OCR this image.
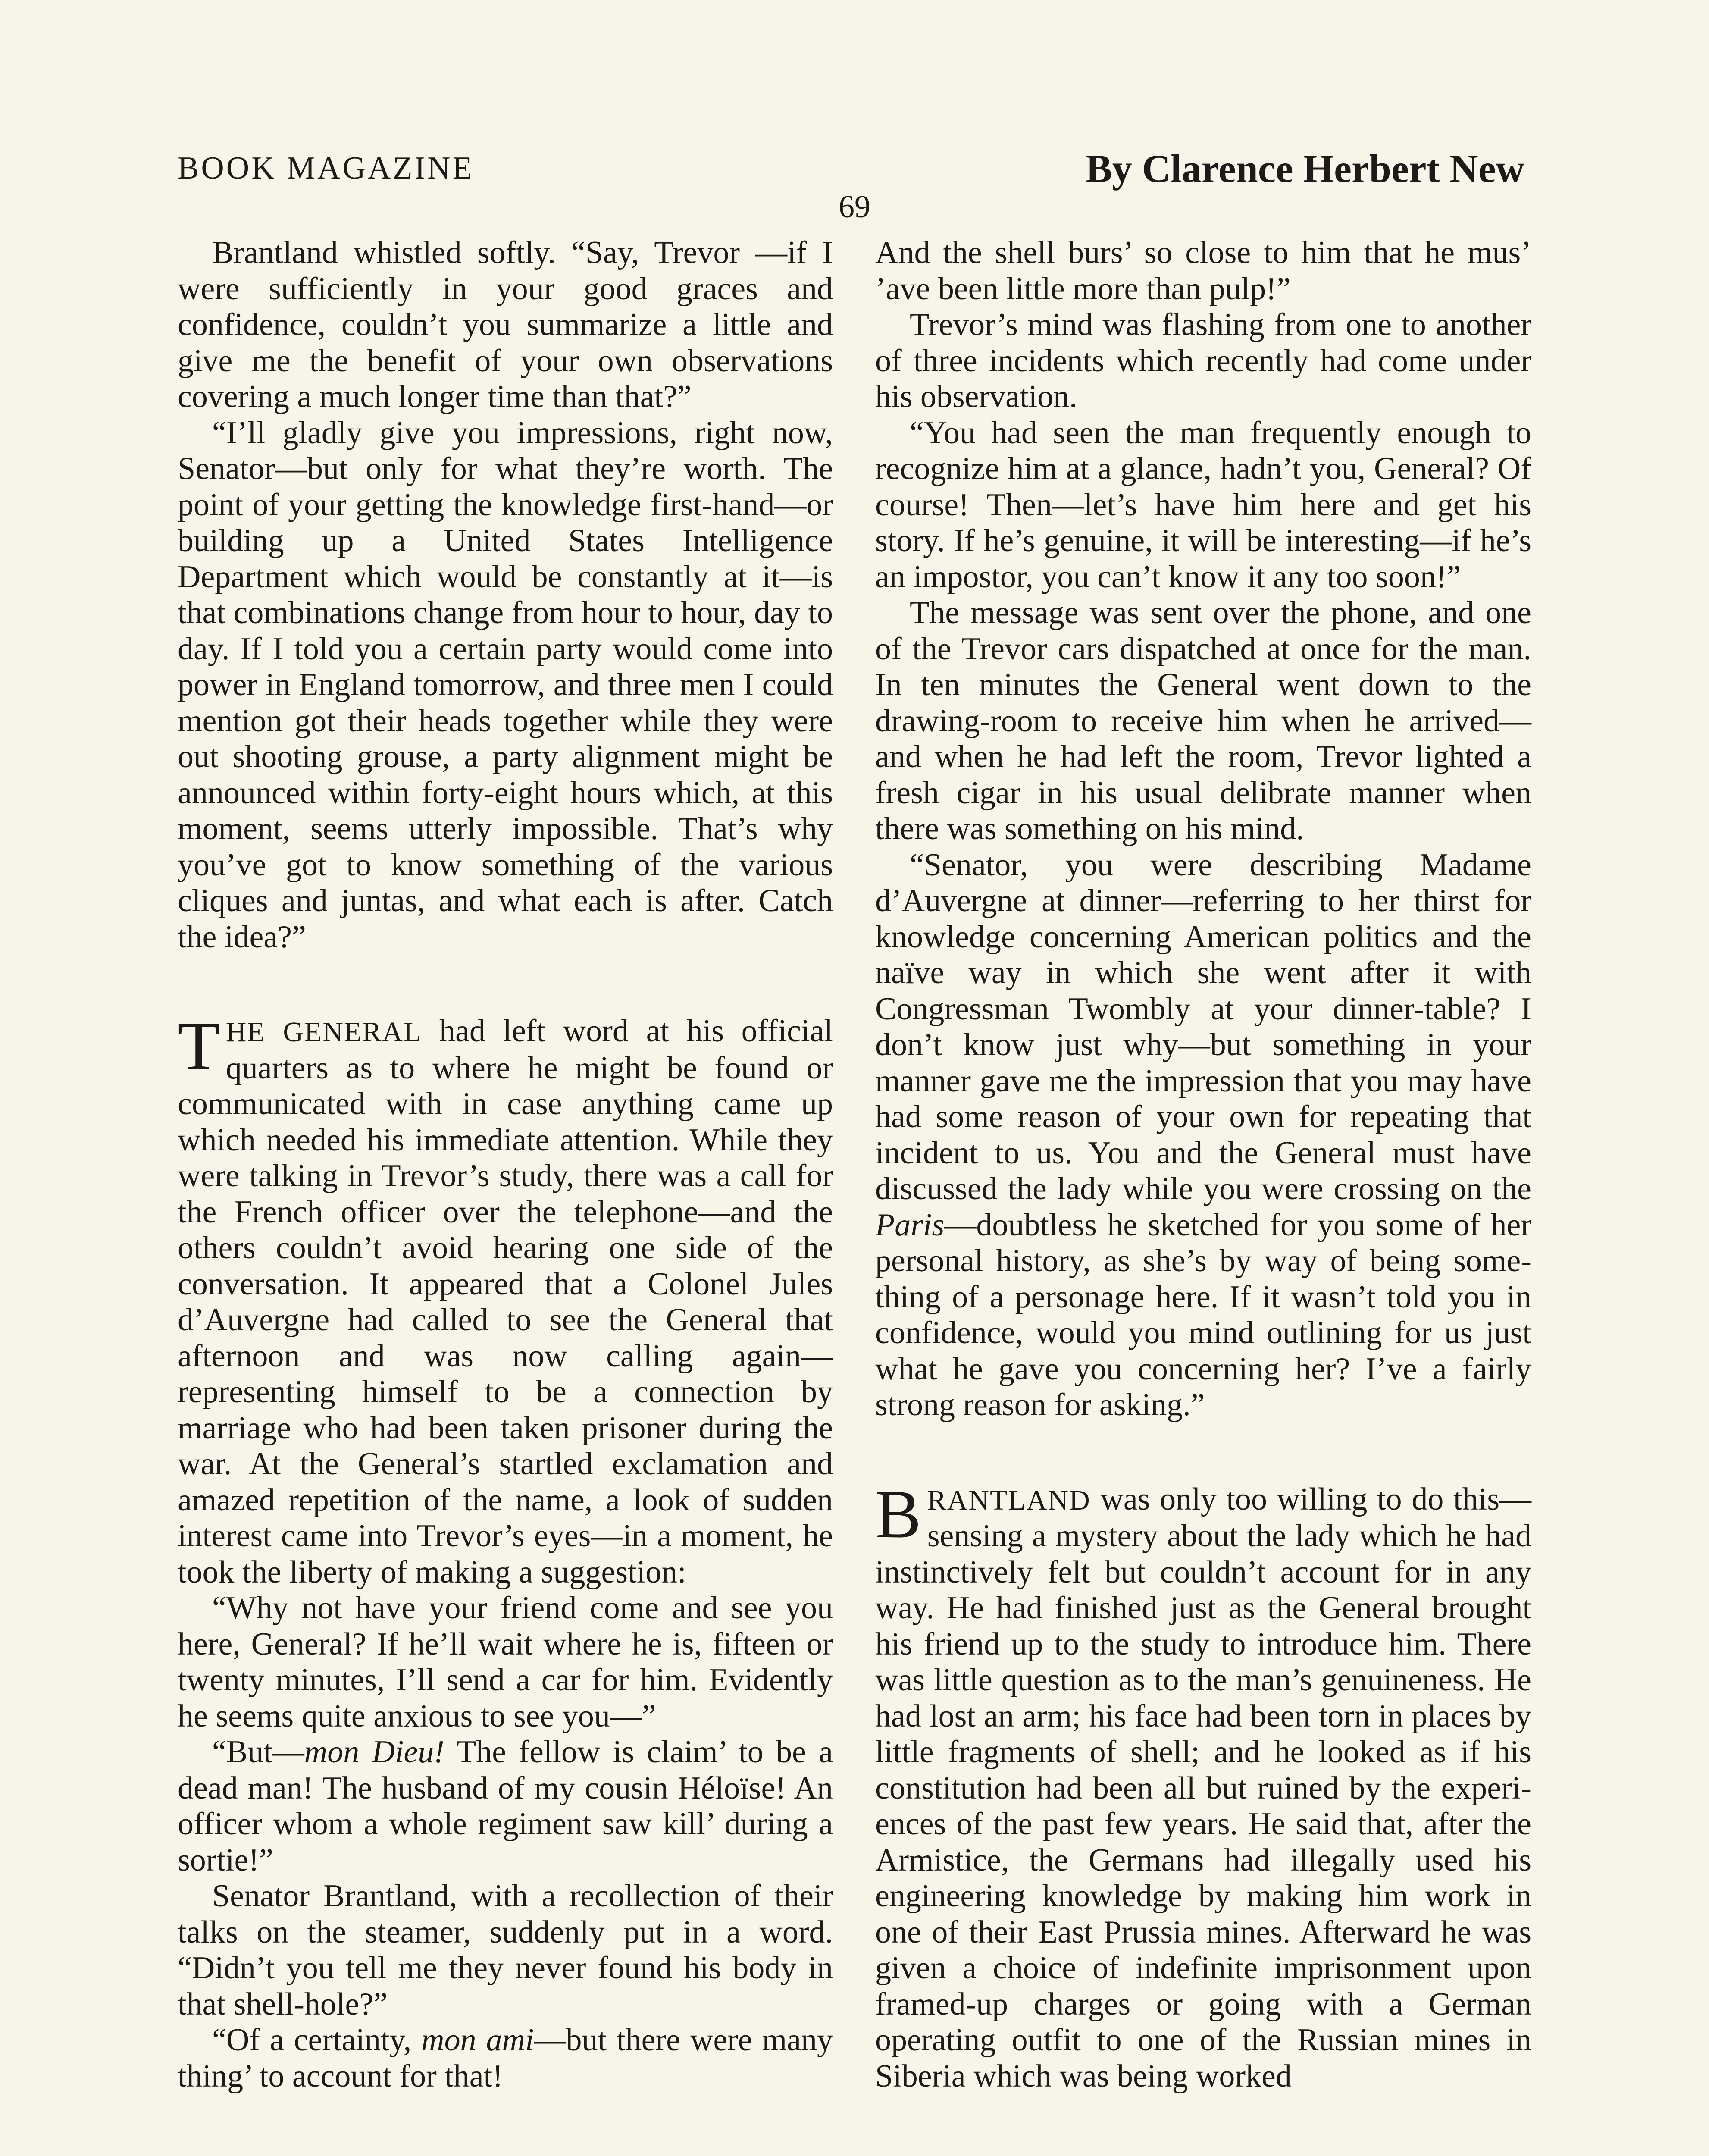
BOOK MAGAZINE	By Clarence Herbert New
69

Brantland whistled softly. “Say, Trevor —if I were sufficiently in your good graces and confidence, couldn’t you summarize a little and give me the benefit of your own observations covering a much longer time than that?”

“I’ll gladly give you impressions, right now, Senator—but only for what they’re worth. The point of your getting the knowledge first-hand—or building up a United States Intelligence Department which would be constantly at it—is that combinations change from hour to hour, day to day. If I told you a certain party would come into power in England tomorrow, and three men I could mention got their heads together while they were out shooting grouse, a party alignment might be announced within forty-eight hours which, at this moment, seems utterly impossible. That’s why you’ve got to know something of the various cliques and juntas, and what each is after. Catch the idea?”

THE GENERAL had left word at his official quarters as to where he might be found or communicated with in case anything came up which needed his immediate attention. While they were talking in Trevor’s study, there was a call for the French officer over the telephone—and the others couldn’t avoid hearing one side of the conversation. It appeared that a Colonel Jules d’Auvergne had called to see the General that afternoon and was now calling again—representing himself to be a connection by marriage who had been taken prisoner during the war. At the General’s startled exclamation and amazed repetition of the name, a look of sudden interest came into Trevor’s eyes—in a moment, he took the liberty of making a suggestion:

“Why not have your friend come and see you here, General? If he’ll wait where he is, fifteen or twenty minutes, I’ll send a car for him. Evidently he seems quite anxious to see you—”

“But—mon Dieu! The fellow is claim’ to be a dead man! The husband of my cousin Héloïse! An officer whom a whole regiment saw kill’ during a sortie!”

Senator Brantland, with a recollection of their talks on the steamer, suddenly put in a word. “Didn’t you tell me they never found his body in that shell-hole?”

“Of a certainty, mon ami—but there were many thing’ to account for that!

And the shell burs’ so close to him that he mus’ ’ave been little more than pulp!”

Trevor’s mind was flashing from one to another of three incidents which recently had come under his observation.

“You had seen the man frequently enough to recognize him at a glance, hadn’t you, General? Of course! Then—let’s have him here and get his story. If he’s genuine, it will be interesting—if he’s an impostor, you can’t know it any too soon!”

The message was sent over the phone, and one of the Trevor cars dispatched at once for the man. In ten minutes the General went down to the drawing-room to receive him when he arrived—and when he had left the room, Trevor lighted a fresh cigar in his usual delibrate manner when there was something on his mind.

“Senator, you were describing Madame d’Auvergne at dinner—referring to her thirst for knowledge concerning American politics and the naïve way in which she went after it with Congressman Twombly at your dinner-table? I don’t know just why—but something in your manner gave me the impression that you may have had some reason of your own for repeating that incident to us. You and the General must have discussed the lady while you were crossing on the Paris—doubtless he sketched for you some of her personal history, as she’s by way of being something of a personage here. If it wasn’t told you in confidence, would you mind outlining for us just what he gave you concerning her? I’ve a fairly strong reason for asking.”

BRANTLAND was only too willing to do this—sensing a mystery about the lady which he had instinctively felt but couldn’t account for in any way. He had finished just as the General brought his friend up to the study to introduce him. There was little question as to the man’s genuineness. He had lost an arm; his face had been torn in places by little fragments of shell; and he looked as if his constitution had been all but ruined by the experiences of the past few years. He said that, after the Armistice, the Germans had illegally used his engineering knowledge by making him work in one of their East Prussia mines. Afterward he was given a choice of indefinite imprisonment upon framed-up charges or going with a German operating outfit to one of the Russian mines in Siberia which was being worked
